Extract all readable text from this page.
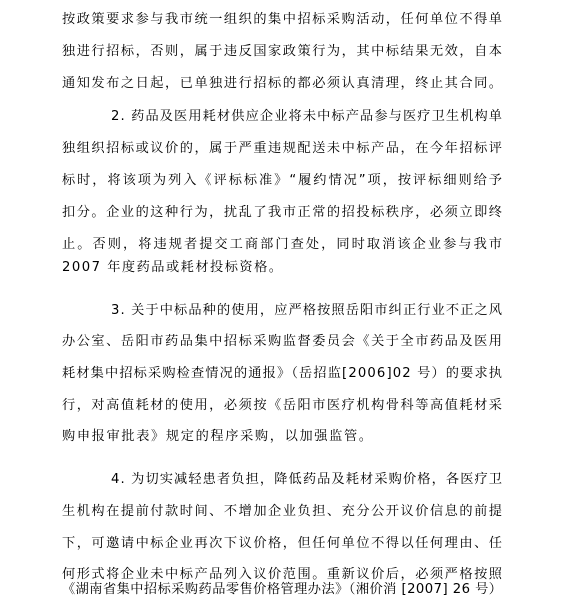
按政策要求参与我市统一组织的集中招标采购活动，任何单位不得单
独进行招标，否则，属于违反国家政策行为，其中标结果无效，自本
通知发布之日起，已单独进行招标的都必须认真清理，终止其合同。
2. 药品及医用耗材供应企业将未中标产品参与医疗卫生机构单
独组织招标或议价的，属于严重违规配送未中标产品，在今年招标评
标时，将该项为列入《评标标准》“履约情况”项，按评标细则给予
扣分。企业的这种行为，扰乱了我市正常的招投标秩序，必须立即终
止。否则，将违规者提交工商部门查处，同时取消该企业参与我市
2007 年度药品或耗材投标资格。
3. 关于中标品种的使用，应严格按照岳阳市纠正行业不正之风
办公室、岳阳市药品集中招标采购监督委员会《关于全市药品及医用
耗材集中招标采购检查情况的通报》（岳招监[2006]02 号）的要求执
行，对高值耗材的使用，必须按《岳阳市医疗机构骨科等高值耗材采
购申报审批表》规定的程序采购，以加强监管。
4. 为切实减轻患者负担，降低药品及耗材采购价格，各医疗卫
生机构在提前付款时间、不增加企业负担、充分公开议价信息的前提
下，可邀请中标企业再次下议价格，但任何单位不得以任何理由、任
何形式将企业未中标产品列入议价范围。重新议价后，必须严格按照
《湖南省集中招标采购药品零售价格管理办法》（湘价消 [2007] 26 号）
